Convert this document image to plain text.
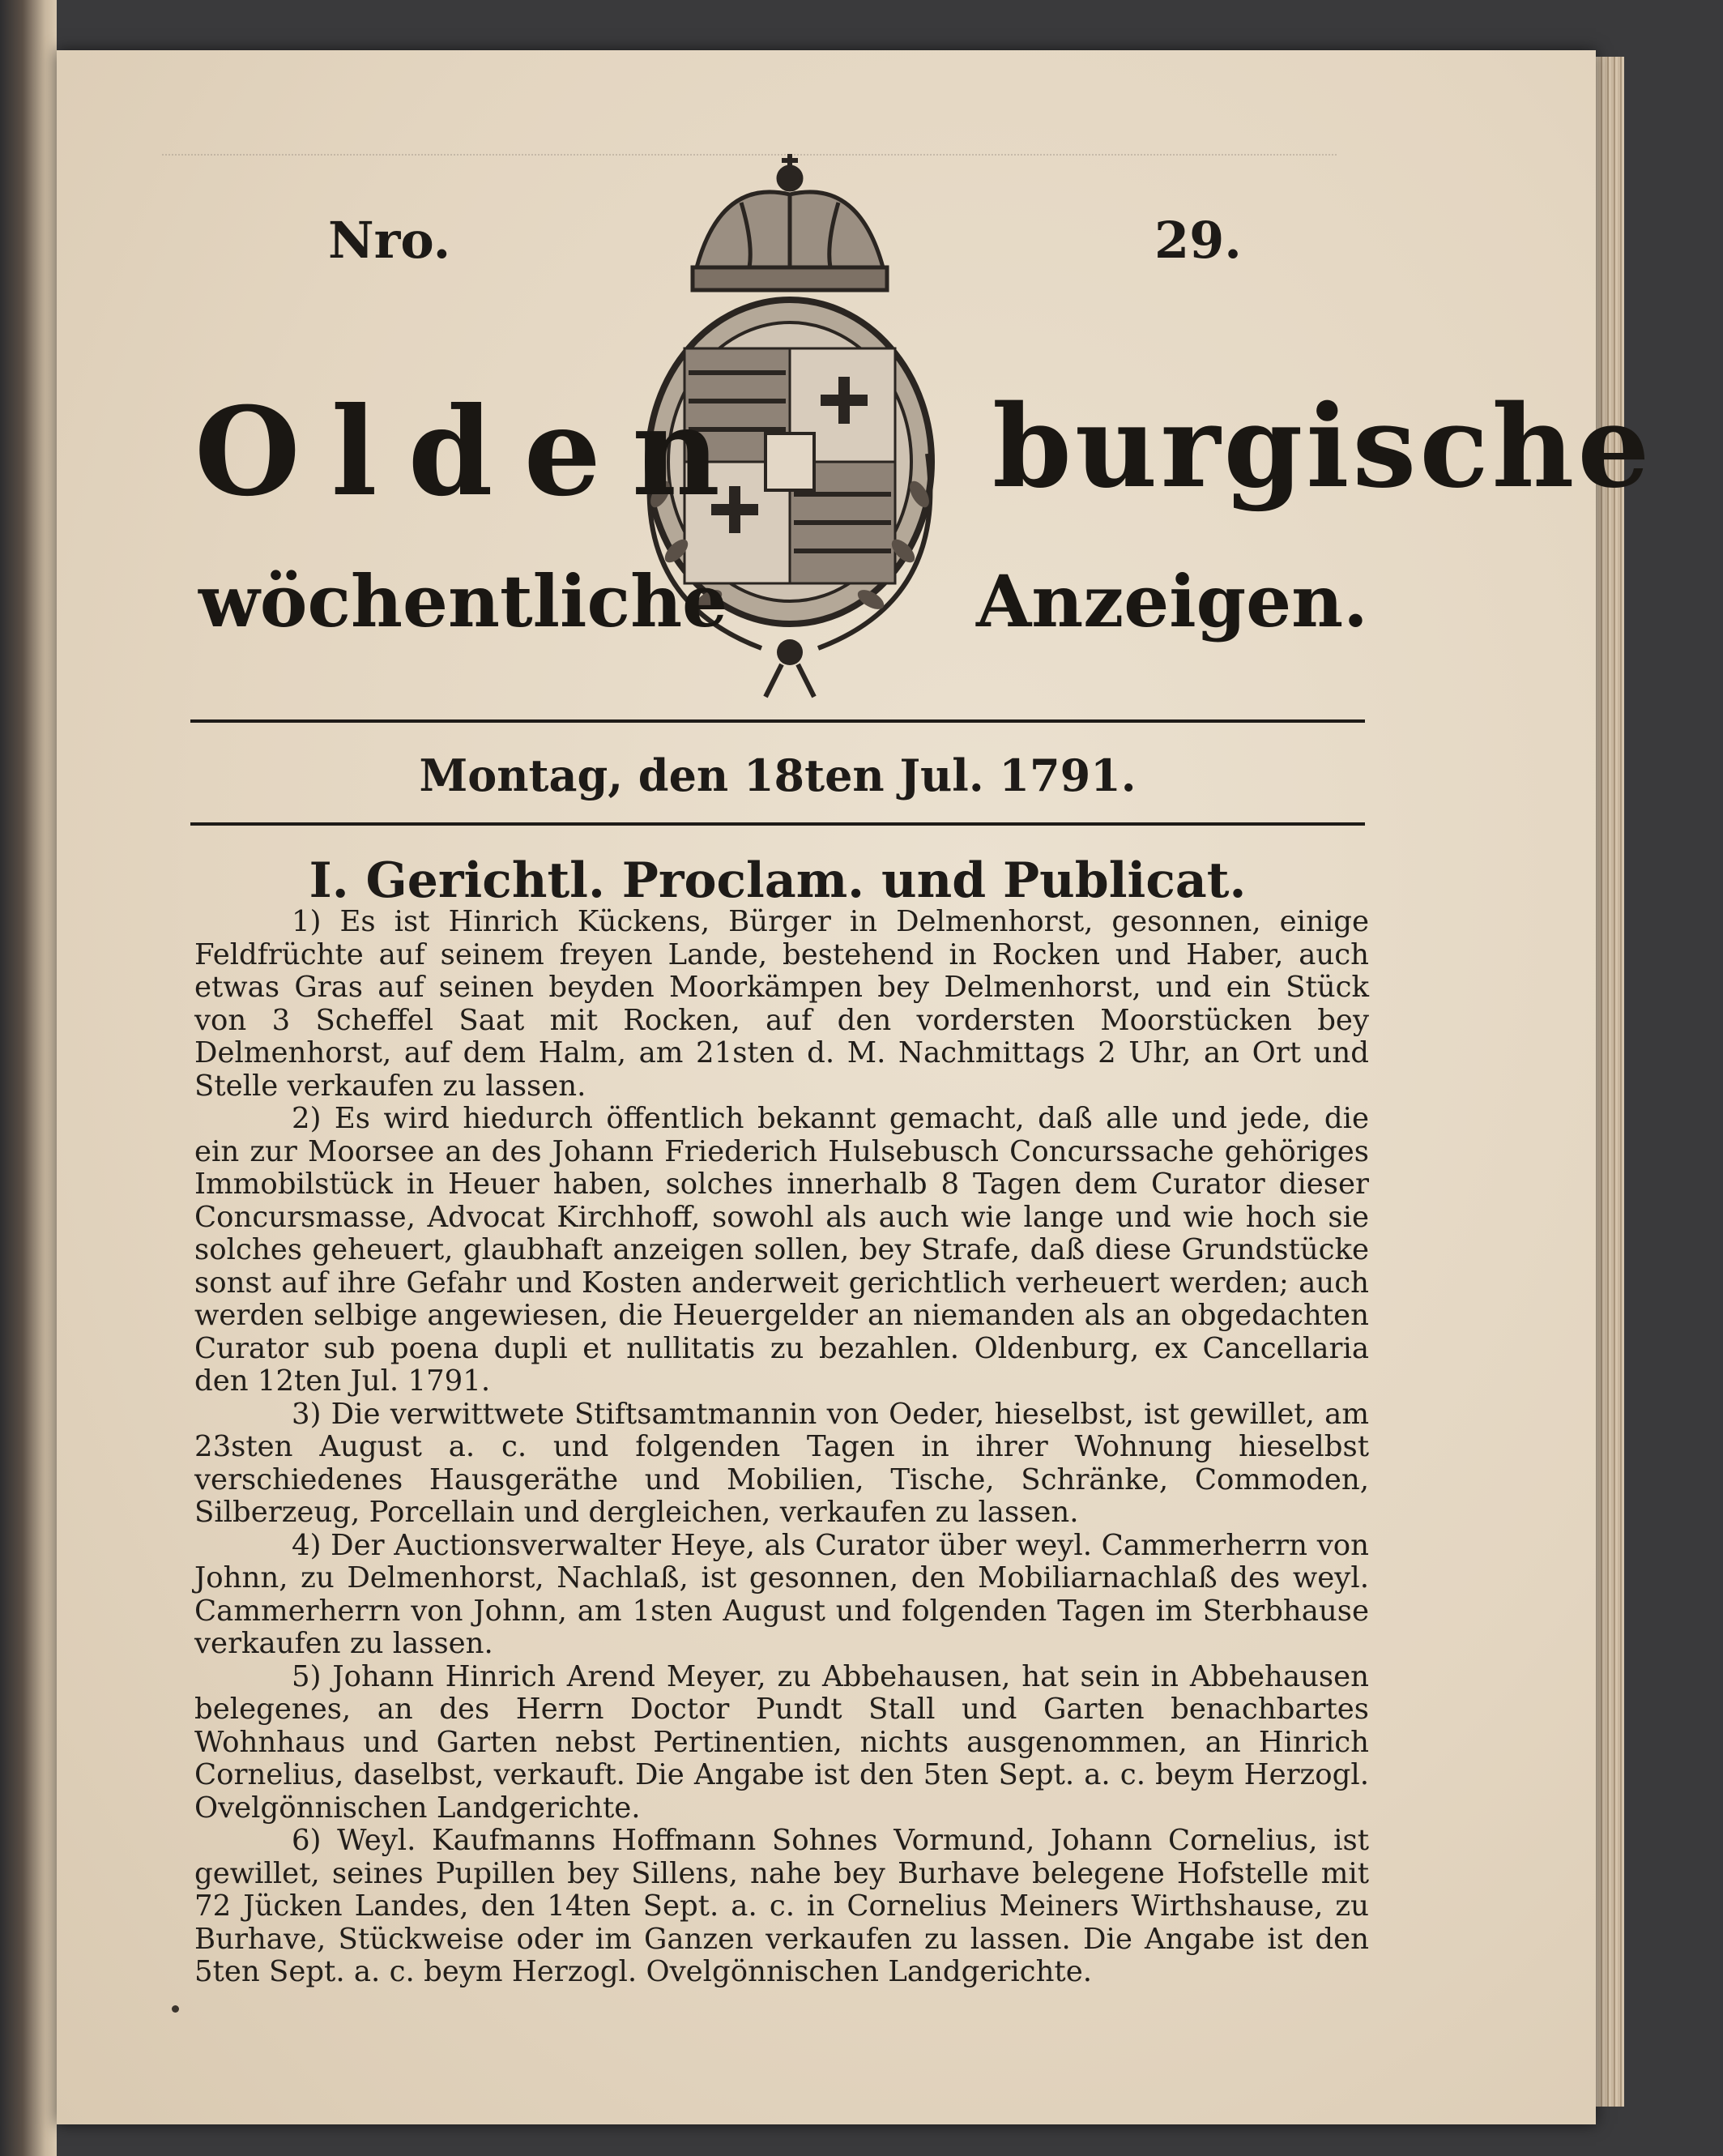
Nro.	29.
Olden burgische
wöchentliche	Anzeigen.
Montag, den 18ten Jul. 1791.
I. Gerichtl. Proclam. und Publicat.

1) Es ist Hinrich Kückens, Bürger in Delmenhorst, gesonnen, einige Feldfrüchte auf seinem freyen Lande, bestehend in Rocken und Haber, auch etwas Gras auf seinen beyden Moorkämpen bey Delmenhorst, und ein Stück von 3 Scheffel Saat mit Rocken, auf den vordersten Moorstücken bey Delmenhorst, auf dem Halm, am 21sten d. M. Nachmittags 2 Uhr, an Ort und Stelle verkaufen zu lassen.

2) Es wird hiedurch öffentlich bekannt gemacht, daß alle und jede, die ein zur Moorsee an des Johann Friederich Hulsebusch Concurssache gehöriges Immobilstück in Heuer haben, solches innerhalb 8 Tagen dem Curator dieser Concursmasse, Advocat Kirchhoff, sowohl als auch wie lange und wie hoch sie solches geheuert, glaubhaft anzeigen sollen, bey Strafe, daß diese Grundstücke sonst auf ihre Gefahr und Kosten anderweit gerichtlich verheuert werden; auch werden selbige angewiesen, die Heuergelder an niemanden als an obgedachten Curator sub poena dupli et nullitatis zu bezahlen. Oldenburg, ex Cancellaria den 12ten Jul. 1791.

3) Die verwittwete Stiftsamtmannin von Oeder, hieselbst, ist gewillet, am 23sten August a. c. und folgenden Tagen in ihrer Wohnung hieselbst verschiedenes Hausgeräthe und Mobilien, Tische, Schränke, Commoden, Silberzeug, Porcellain und dergleichen, verkaufen zu lassen.

4) Der Auctionsverwalter Heye, als Curator über weyl. Cammerherrn von Johnn, zu Delmenhorst, Nachlaß, ist gesonnen, den Mobiliarnachlaß des weyl. Cammerherrn von Johnn, am 1sten August und folgenden Tagen im Sterbhause verkaufen zu lassen.

5) Johann Hinrich Arend Meyer, zu Abbehausen, hat sein in Abbehausen belegenes, an des Herrn Doctor Pundt Stall und Garten benachbartes Wohnhaus und Garten nebst Pertinentien, nichts ausgenommen, an Hinrich Cornelius, daselbst, verkauft. Die Angabe ist den 5ten Sept. a. c. beym Herzogl. Ovelgönnischen Landgerichte.

6) Weyl. Kaufmanns Hoffmann Sohnes Vormund, Johann Cornelius, ist gewillet, seines Pupillen bey Sillens, nahe bey Burhave belegene Hofstelle mit 72 Jücken Landes, den 14ten Sept. a. c. in Cornelius Meiners Wirthshause, zu Burhave, Stückweise oder im Ganzen verkaufen zu lassen. Die Angabe ist den 5ten Sept. a. c. beym Herzogl. Ovelgönnischen Landgerichte.
